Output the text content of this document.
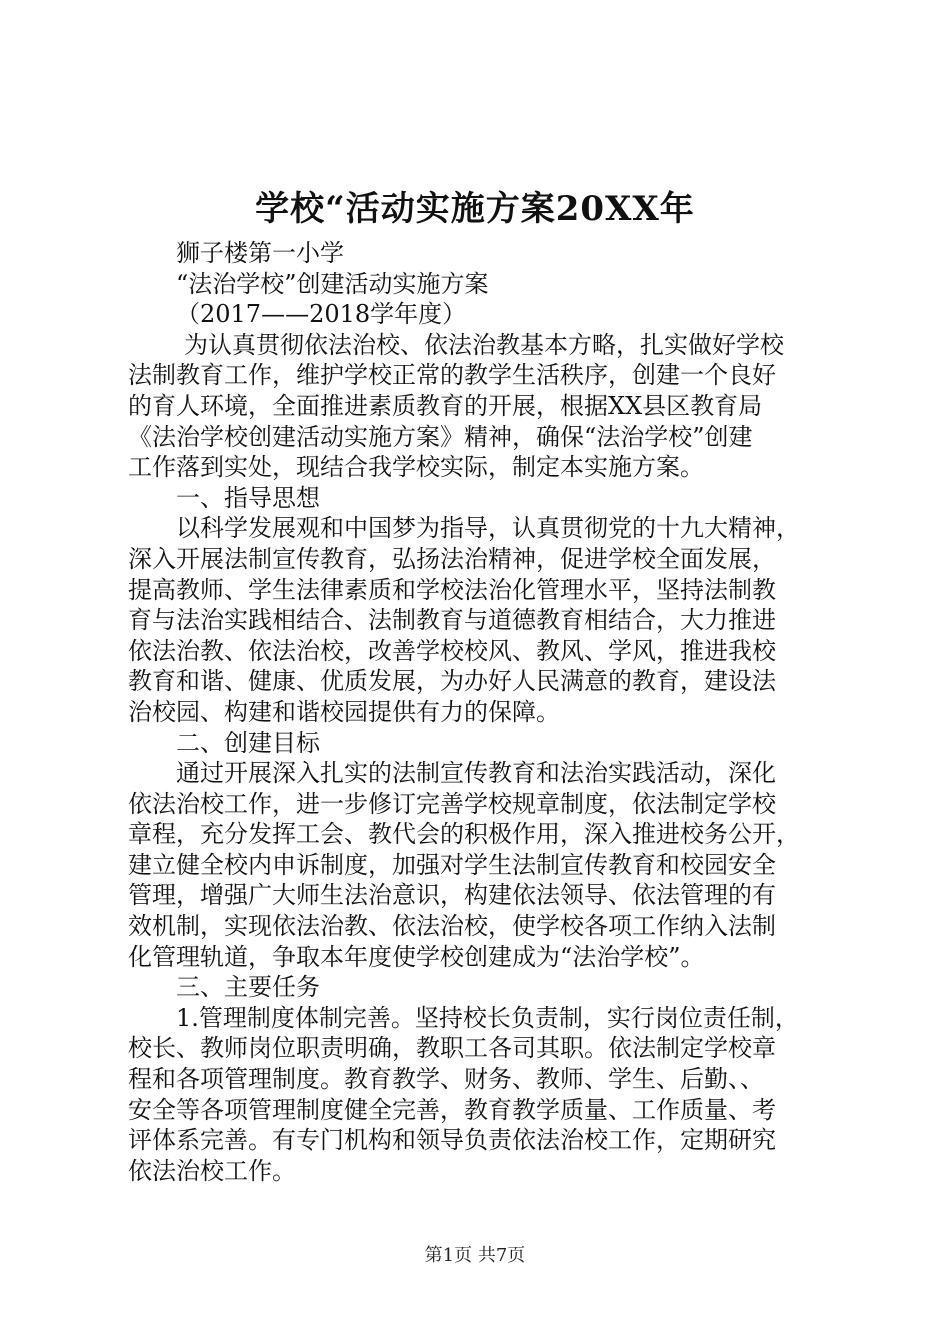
学校“活动实施方案20XX年
狮子楼第一小学
“法治学校”创建活动实施方案
（2017——2018学年度）
为认真贯彻依法治校、依法治教基本方略，扎实做好学校
法制教育工作，维护学校正常的教学生活秩序，创建一个良好
的育人环境，全面推进素质教育的开展，根据XX县区教育局
《法治学校创建活动实施方案》精神，确保“法治学校”创建
工作落到实处，现结合我学校实际，制定本实施方案。
一、指导思想
以科学发展观和中国梦为指导，认真贯彻党的十九大精神，
深入开展法制宣传教育，弘扬法治精神，促进学校全面发展，
提高教师、学生法律素质和学校法治化管理水平，坚持法制教
育与法治实践相结合、法制教育与道德教育相结合，大力推进
依法治教、依法治校，改善学校校风、教风、学风，推进我校
教育和谐、健康、优质发展，为办好人民满意的教育，建设法
治校园、构建和谐校园提供有力的保障。
二、创建目标
通过开展深入扎实的法制宣传教育和法治实践活动，深化
依法治校工作，进一步修订完善学校规章制度，依法制定学校
章程，充分发挥工会、教代会的积极作用，深入推进校务公开，
建立健全校内申诉制度，加强对学生法制宣传教育和校园安全
管理，增强广大师生法治意识，构建依法领导、依法管理的有
效机制，实现依法治教、依法治校，使学校各项工作纳入法制
化管理轨道，争取本年度使学校创建成为“法治学校”。
三、主要任务
1.管理制度体制完善。坚持校长负责制，实行岗位责任制，
校长、教师岗位职责明确，教职工各司其职。依法制定学校章
程和各项管理制度。教育教学、财务、教师、学生、后勤、、
安全等各项管理制度健全完善，教育教学质量、工作质量、考
评体系完善。有专门机构和领导负责依法治校工作，定期研究
依法治校工作。
第1页 共7页
